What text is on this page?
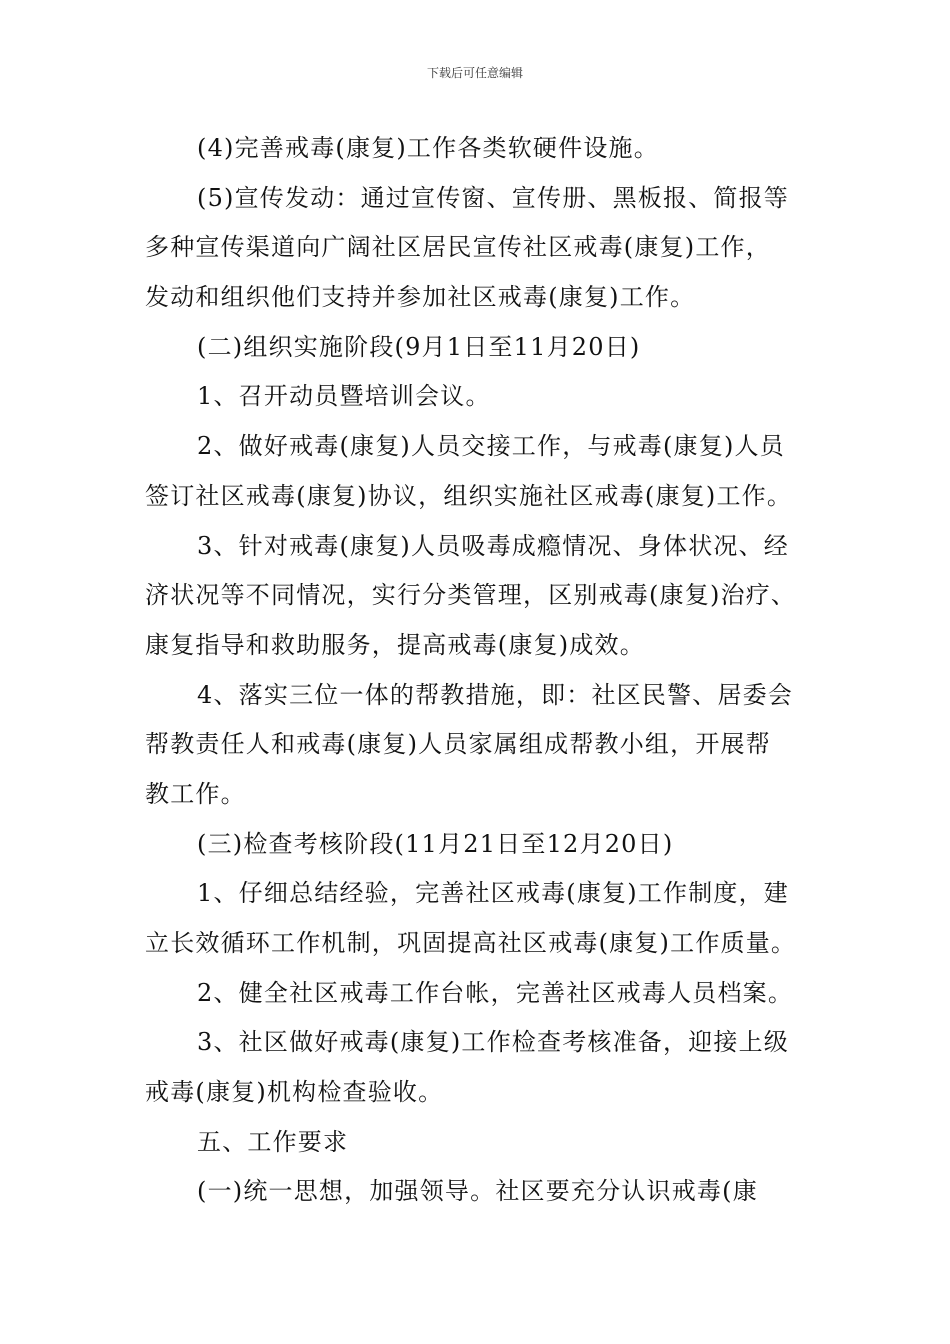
下载后可任意编辑
(4)完善戒毒(康复)工作各类软硬件设施。
(5)宣传发动：通过宣传窗、宣传册、黑板报、简报等
多种宣传渠道向广阔社区居民宣传社区戒毒(康复)工作，
发动和组织他们支持并参加社区戒毒(康复)工作。
(二)组织实施阶段(9月1日至11月20日)
1、召开动员暨培训会议。
2、做好戒毒(康复)人员交接工作，与戒毒(康复)人员
签订社区戒毒(康复)协议，组织实施社区戒毒(康复)工作。
3、针对戒毒(康复)人员吸毒成瘾情况、身体状况、经
济状况等不同情况，实行分类管理，区别戒毒(康复)治疗、
康复指导和救助服务，提高戒毒(康复)成效。
4、落实三位一体的帮教措施，即：社区民警、居委会
帮教责任人和戒毒(康复)人员家属组成帮教小组，开展帮
教工作。
(三)检查考核阶段(11月21日至12月20日)
1、仔细总结经验，完善社区戒毒(康复)工作制度，建
立长效循环工作机制，巩固提高社区戒毒(康复)工作质量。
2、健全社区戒毒工作台帐，完善社区戒毒人员档案。
3、社区做好戒毒(康复)工作检查考核准备，迎接上级
戒毒(康复)机构检查验收。
五、工作要求
(一)统一思想，加强领导。社区要充分认识戒毒(康
